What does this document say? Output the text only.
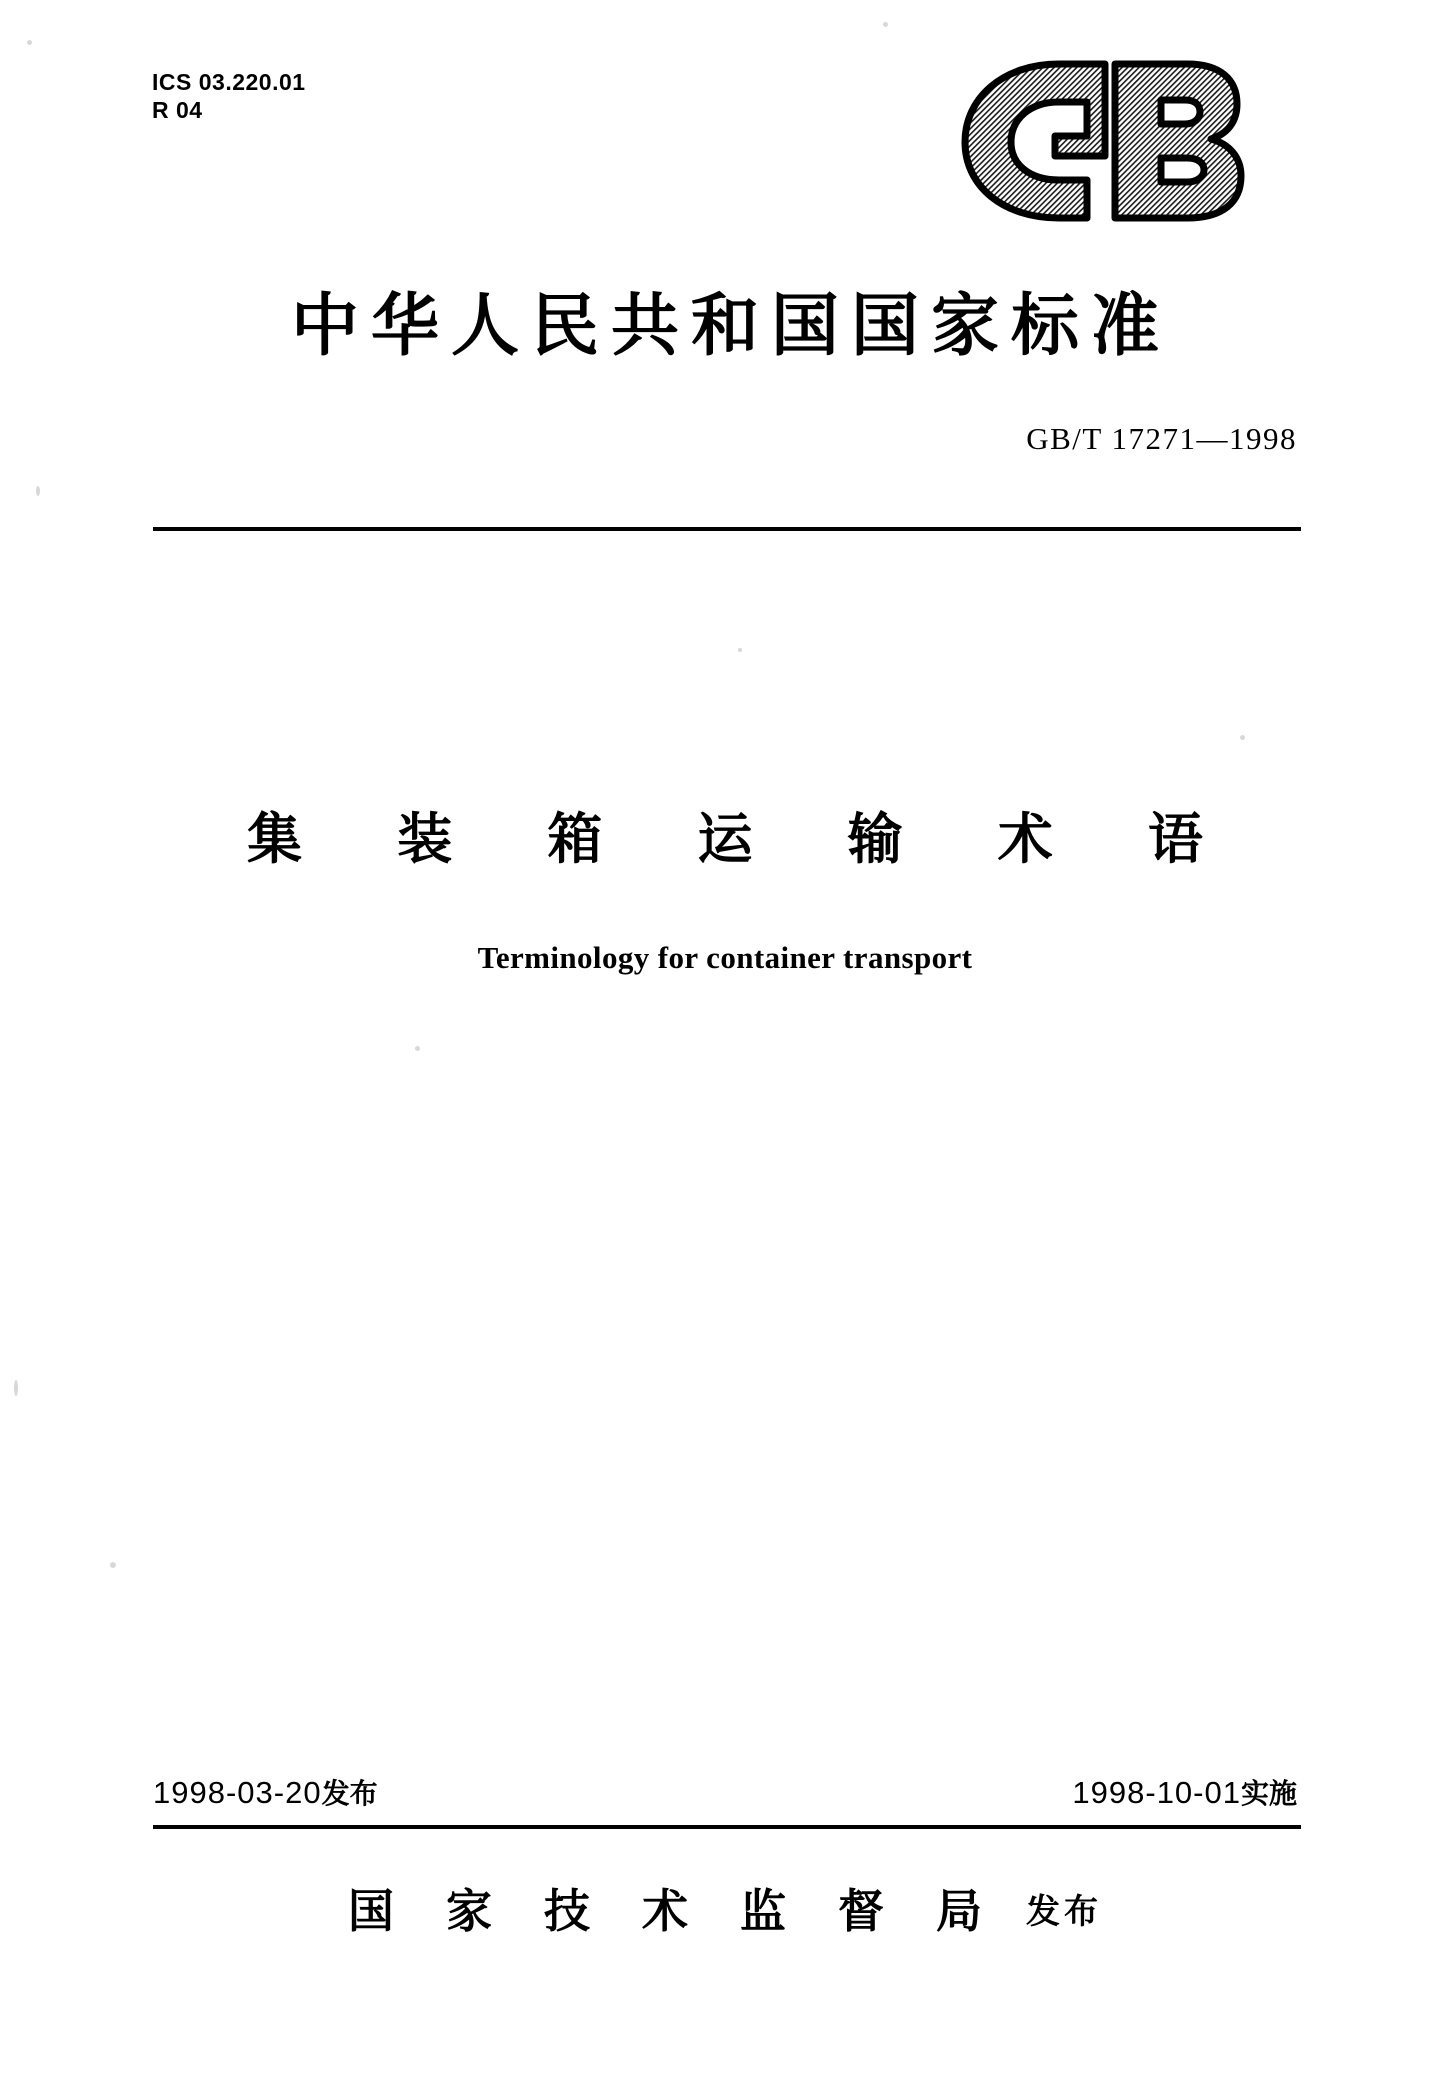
ICS 03.220.01
R 04
中华人民共和国国家标准
GB/T 17271—1998
集 装 箱 运 输 术 语
Terminology for container transport
1998-03-20发布	1998-10-01实施
国 家 技 术 监 督 局 发布
